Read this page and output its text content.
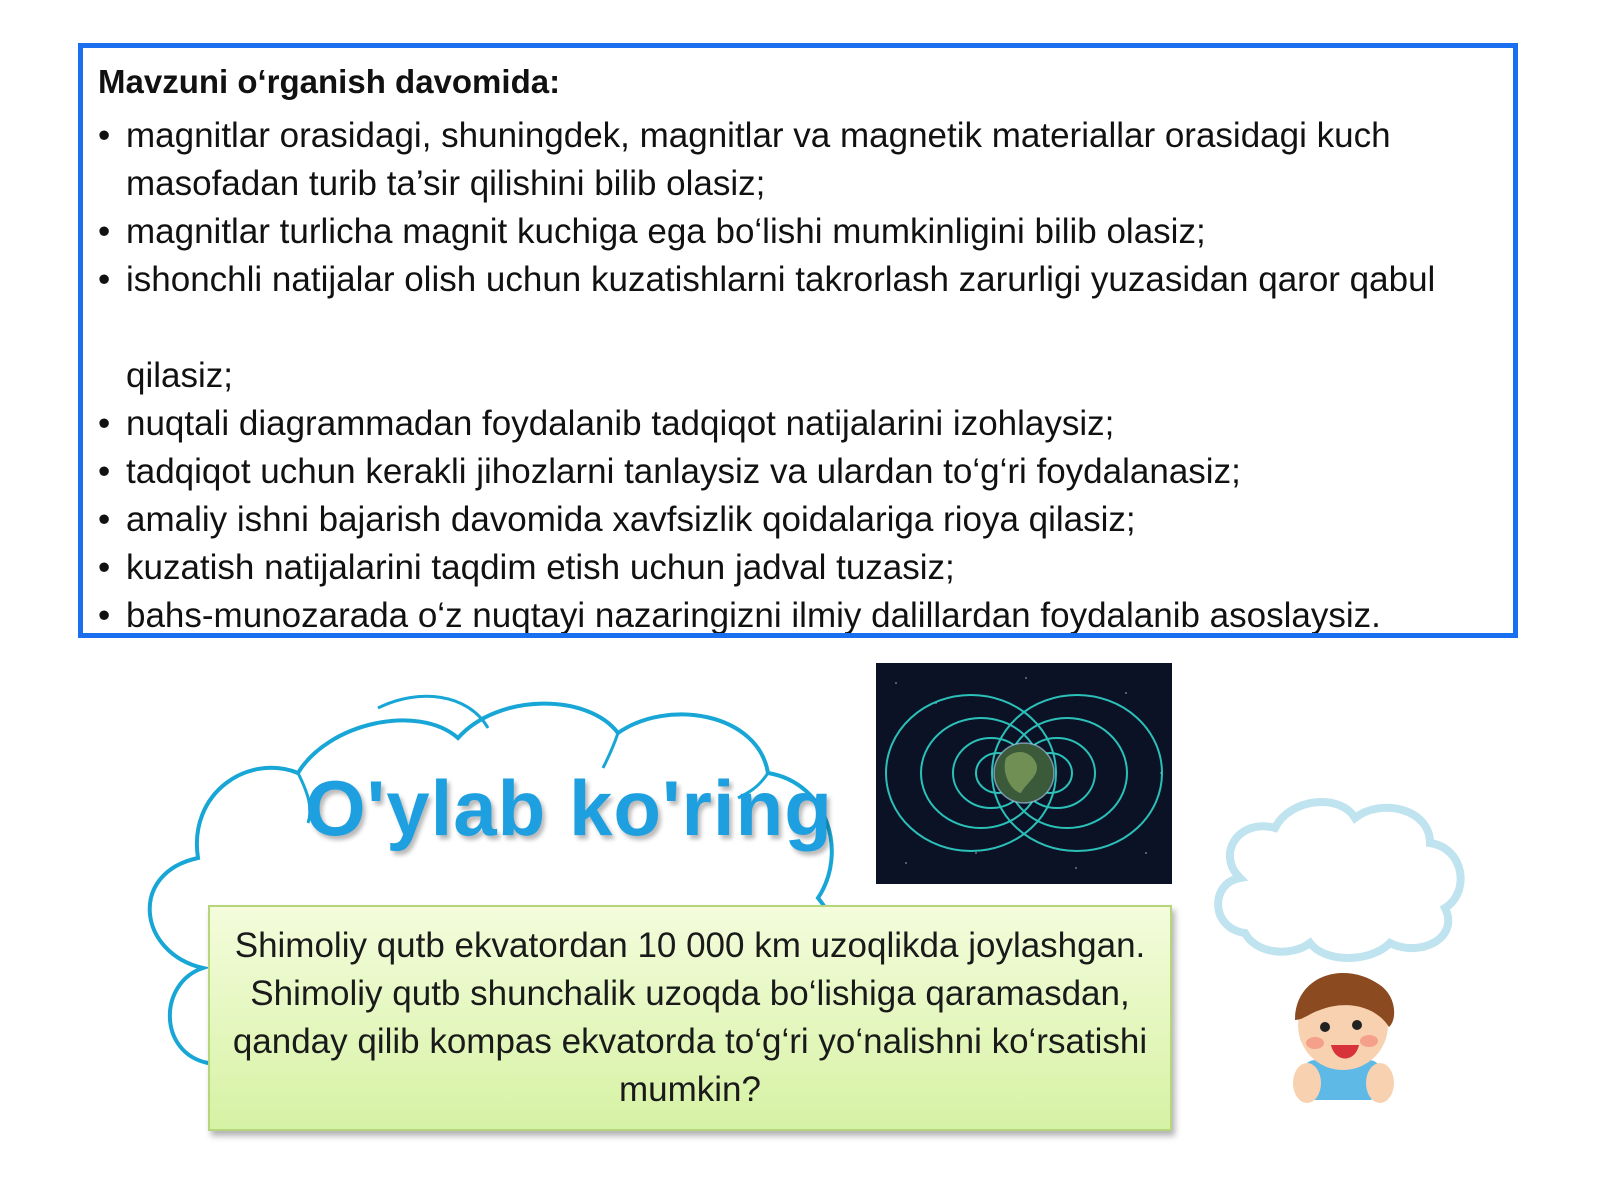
Mavzuni o‘rganish davomida:
• magnitlar orasidagi, shuningdek, magnitlar va magnetik materiallar orasidagi kuch
masofadan turib ta’sir qilishini bilib olasiz;
• magnitlar turlicha magnit kuchiga ega bo‘lishi mumkinligini bilib olasiz;
• ishonchli natijalar olish uchun kuzatishlarni takrorlash zarurligi yuzasidan qaror qabul
qilasiz;
• nuqtali diagrammadan foydalanib tadqiqot natijalarini izohlaysiz;
• tadqiqot uchun kerakli jihozlarni tanlaysiz va ulardan to‘g‘ri foydalanasiz;
• amaliy ishni bajarish davomida xavfsizlik qoidalariga rioya qilasiz;
• kuzatish natijalarini taqdim etish uchun jadval tuzasiz;
• bahs-munozarada o‘z nuqtayi nazaringizni ilmiy dalillardan foydalanib asoslaysiz.
O'ylab ko'ring

Shimoliy qutb ekvatordan 10 000 km uzoqlikda joylashgan. Shimoliy qutb shunchalik uzoqda bo‘lishiga qaramasdan, qanday qilib kompas ekvatorda to‘g‘ri yo‘nalishni ko‘rsatishi mumkin?
